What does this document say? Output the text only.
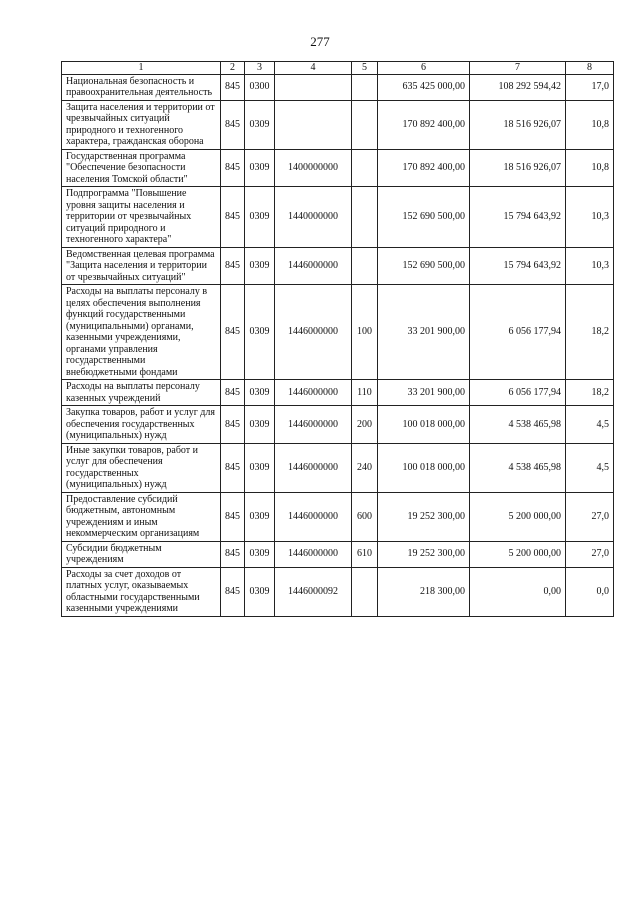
277
1	2	3	4	5	6	7	8
Национальная безопасность и правоохранительная деятельность	845	0300			635 425 000,00	108 292 594,42	17,0
Защита населения и территории от чрезвычайных ситуаций природного и техногенного характера, гражданская оборона	845	0309			170 892 400,00	18 516 926,07	10,8
Государственная программа "Обеспечение безопасности населения Томской области"	845	0309	1400000000		170 892 400,00	18 516 926,07	10,8
Подпрограмма "Повышение уровня защиты населения и территории от чрезвычайных ситуаций природного и техногенного характера"	845	0309	1440000000		152 690 500,00	15 794 643,92	10,3
Ведомственная целевая программа "Защита населения и территории от чрезвычайных ситуаций"	845	0309	1446000000		152 690 500,00	15 794 643,92	10,3
Расходы на выплаты персоналу в целях обеспечения выполнения функций государственными (муниципальными) органами, казенными учреждениями, органами управления государственными внебюджетными фондами	845	0309	1446000000	100	33 201 900,00	6 056 177,94	18,2
Расходы на выплаты персоналу казенных учреждений	845	0309	1446000000	110	33 201 900,00	6 056 177,94	18,2
Закупка товаров, работ и услуг для обеспечения государственных (муниципальных) нужд	845	0309	1446000000	200	100 018 000,00	4 538 465,98	4,5
Иные закупки товаров, работ и услуг для обеспечения государственных (муниципальных) нужд	845	0309	1446000000	240	100 018 000,00	4 538 465,98	4,5
Предоставление субсидий бюджетным, автономным учреждениям и иным некоммерческим организациям	845	0309	1446000000	600	19 252 300,00	5 200 000,00	27,0
Субсидии бюджетным учреждениям	845	0309	1446000000	610	19 252 300,00	5 200 000,00	27,0
Расходы за счет доходов от платных услуг, оказываемых областными государственными казенными учреждениями	845	0309	1446000092		218 300,00	0,00	0,0
